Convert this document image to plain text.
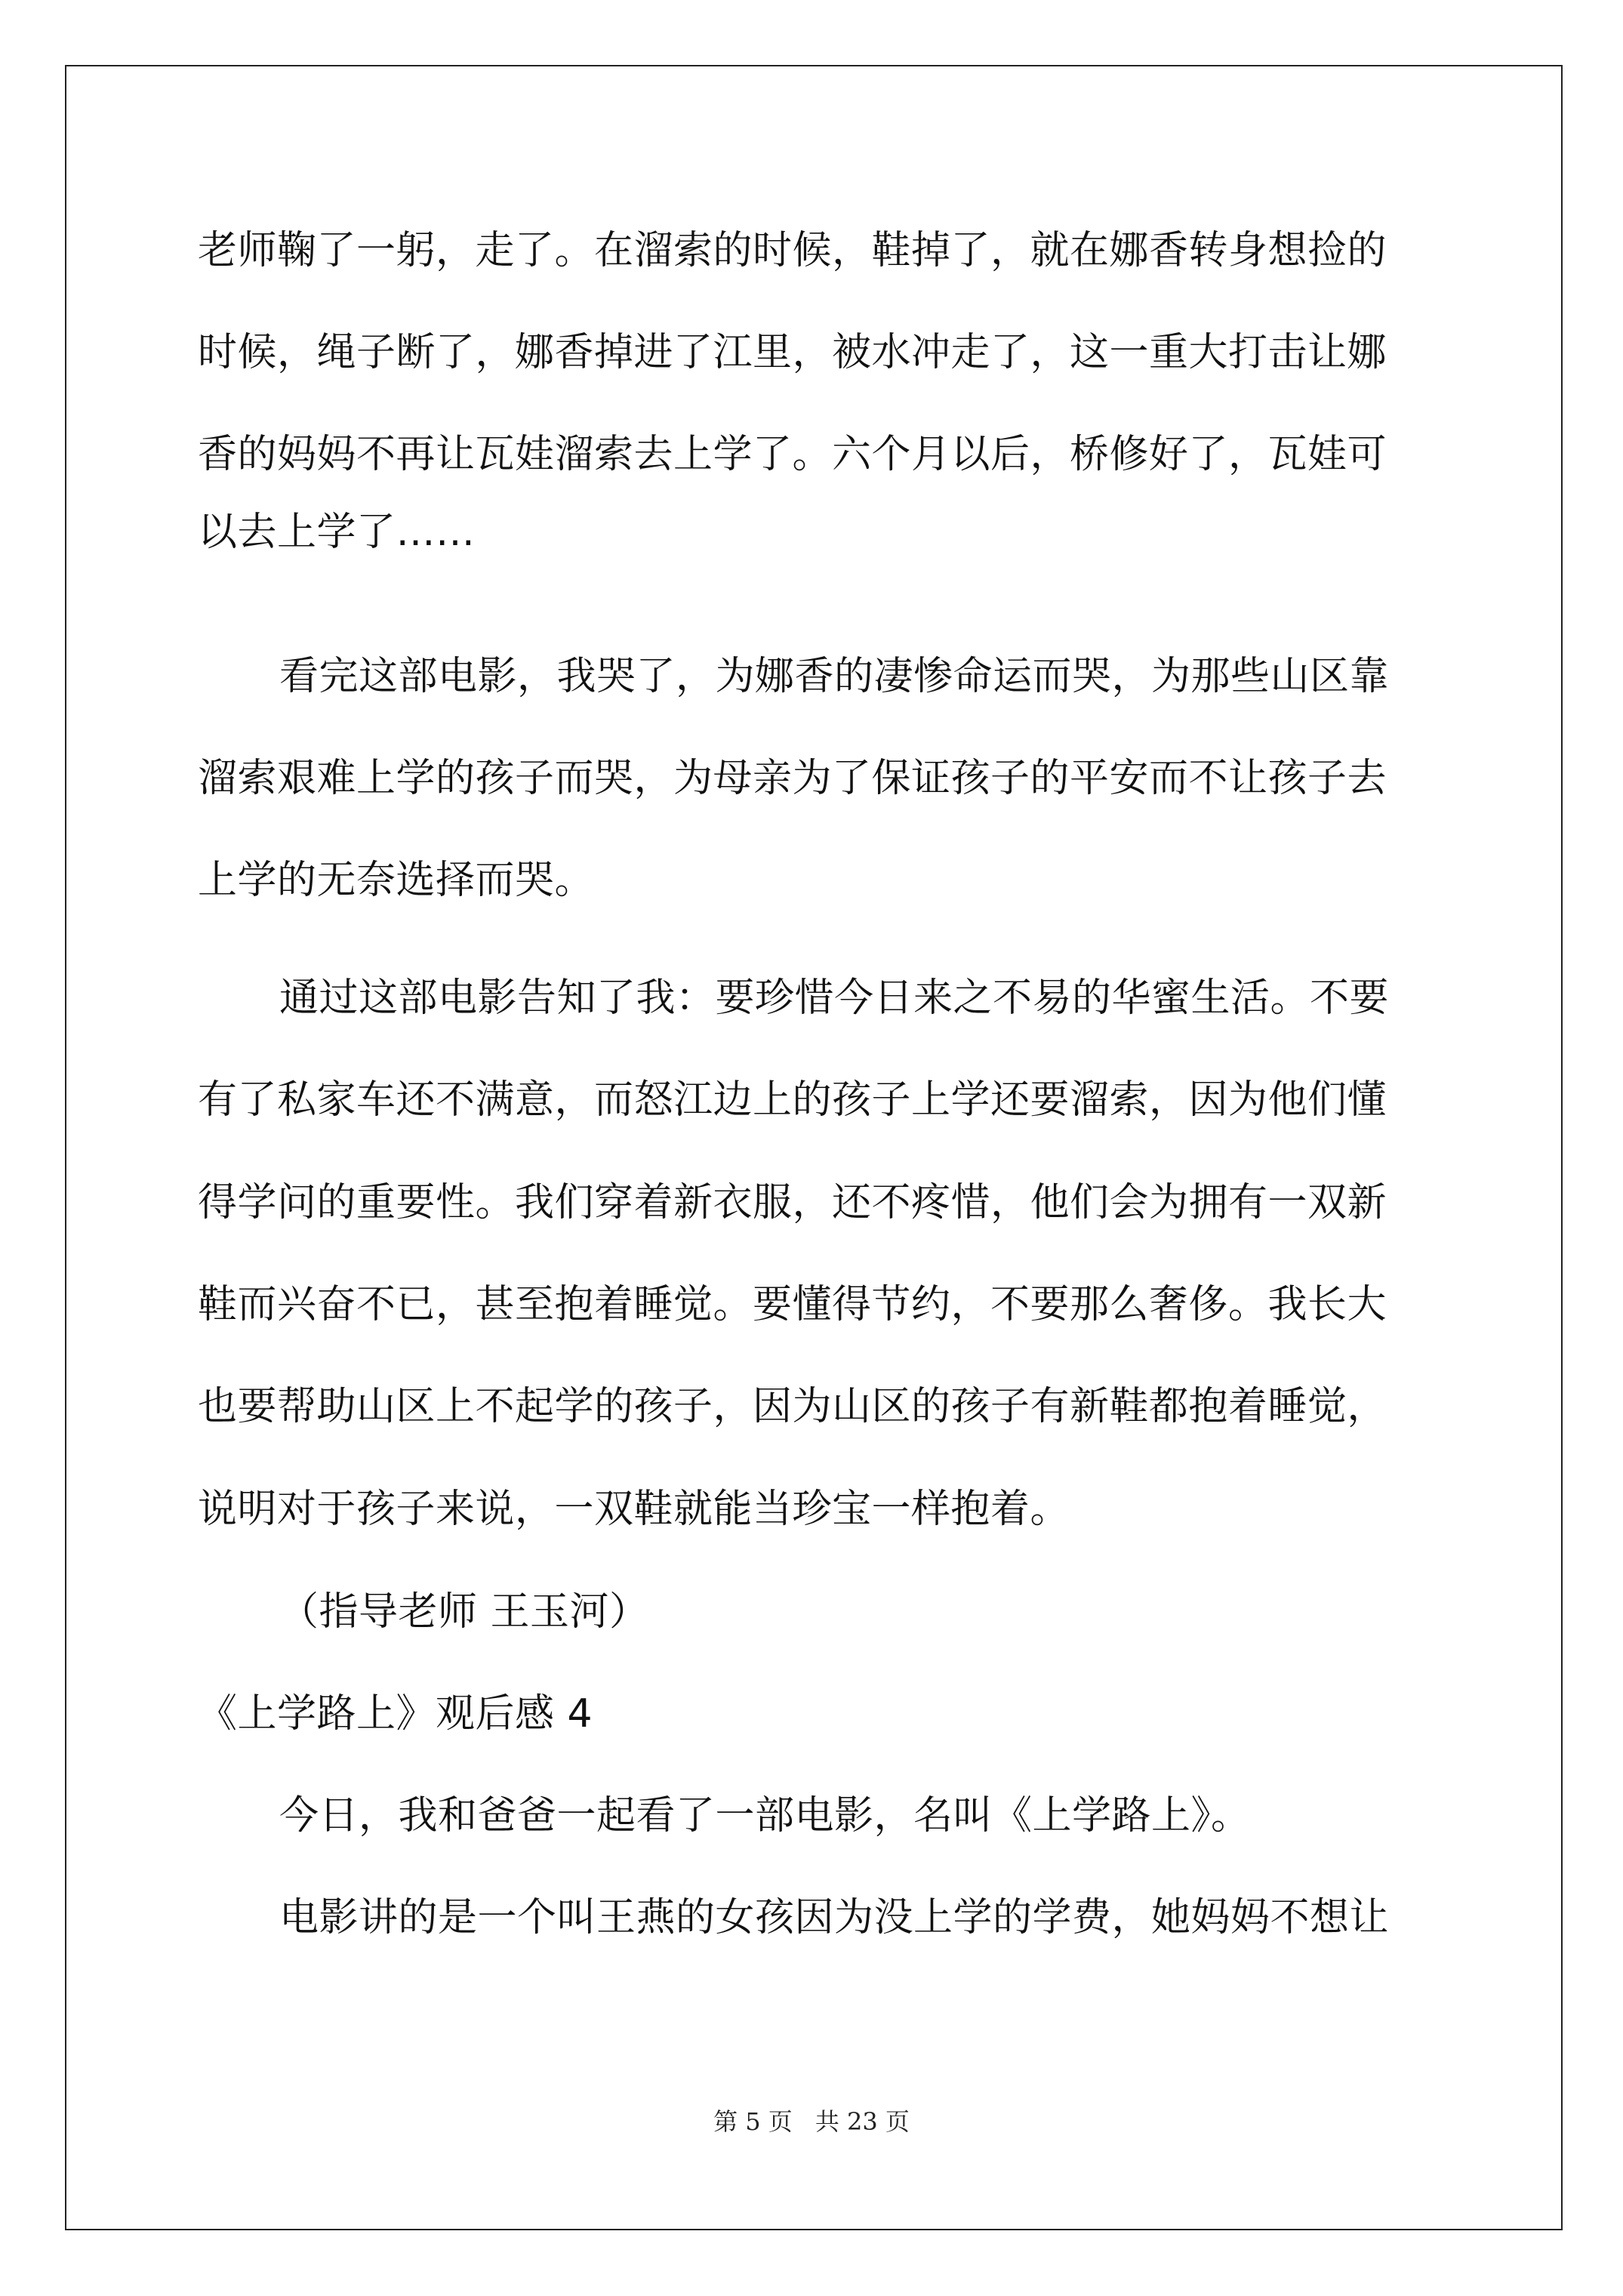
老师鞠了一躬，走了。在溜索的时候，鞋掉了，就在娜香转身想捡的
时候，绳子断了，娜香掉进了江里，被水冲走了，这一重大打击让娜
香的妈妈不再让瓦娃溜索去上学了。六个月以后，桥修好了，瓦娃可
以去上学了……
看完这部电影，我哭了，为娜香的凄惨命运而哭，为那些山区靠
溜索艰难上学的孩子而哭，为母亲为了保证孩子的平安而不让孩子去
上学的无奈选择而哭。
通过这部电影告知了我：要珍惜今日来之不易的华蜜生活。不要
有了私家车还不满意，而怒江边上的孩子上学还要溜索，因为他们懂
得学问的重要性。我们穿着新衣服，还不疼惜，他们会为拥有一双新
鞋而兴奋不已，甚至抱着睡觉。要懂得节约，不要那么奢侈。我长大
也要帮助山区上不起学的孩子，因为山区的孩子有新鞋都抱着睡觉，
说明对于孩子来说，一双鞋就能当珍宝一样抱着。
（指导老师 王玉河）
《上学路上》观后感 4
今日，我和爸爸一起看了一部电影，名叫《上学路上》。
电影讲的是一个叫王燕的女孩因为没上学的学费，她妈妈不想让
第 5 页 共 23 页
